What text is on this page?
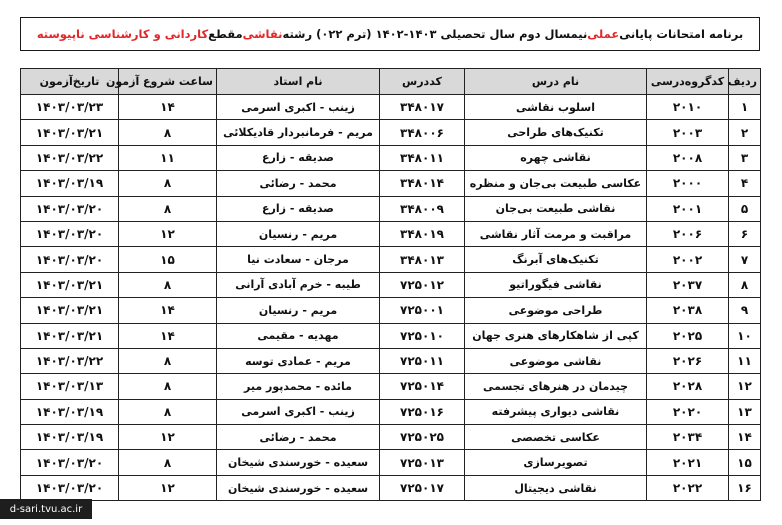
برنامه امتحانات پایانی
عملی
نیمسال دوم سال تحصیلی ۱۴۰۳-۱۴۰۲ (ترم ۰۲۲) رشته
نقاشی
مقطع
کاردانی و کارشناسی ناپیوسته
ردیف	کدگروه‌درسی	نام درس	کددرس	نام استاد	ساعت شروع آزمون	تاریخ‌آزمون
۱	۲۰۱۰	اسلوب نقاشی	۳۴۸۰۱۷	زینب - اکبری اسرمی	۱۴	۱۴۰۳/۰۳/۲۳
۲	۲۰۰۳	تکنیک‌های طراحی	۳۴۸۰۰۶	مریم - فرمانبردار قادیکلائی	۸	۱۴۰۳/۰۳/۲۱
۳	۲۰۰۸	نقاشی چهره	۳۴۸۰۱۱	صدیقه - زارع	۱۱	۱۴۰۳/۰۳/۲۲
۴	۲۰۰۰	عکاسی طبیعت بی‌جان و منظره	۳۴۸۰۱۴	محمد - رضائی	۸	۱۴۰۳/۰۳/۱۹
۵	۲۰۰۱	نقاشی طبیعت بی‌جان	۳۴۸۰۰۹	صدیقه - زارع	۸	۱۴۰۳/۰۳/۲۰
۶	۲۰۰۶	مراقبت و مرمت آثار نقاشی	۳۴۸۰۱۹	مریم - رنسیان	۱۲	۱۴۰۳/۰۳/۲۰
۷	۲۰۰۲	تکنیک‌های آبرنگ	۳۴۸۰۱۳	مرجان - سعادت نیا	۱۵	۱۴۰۳/۰۳/۲۰
۸	۲۰۳۷	نقاشی فیگوراتیو	۷۲۵۰۱۲	طیبه - خرم آبادی آرانی	۸	۱۴۰۳/۰۳/۲۱
۹	۲۰۳۸	طراحی موضوعی	۷۲۵۰۰۱	مریم - رنسیان	۱۴	۱۴۰۳/۰۳/۲۱
۱۰	۲۰۲۵	کپی از شاهکارهای هنری جهان	۷۲۵۰۱۰	مهدیه - مقیمی	۱۴	۱۴۰۳/۰۳/۲۱
۱۱	۲۰۲۶	نقاشی موضوعی	۷۲۵۰۱۱	مریم - عمادی توسه	۸	۱۴۰۳/۰۳/۲۲
۱۲	۲۰۲۸	چیدمان در هنرهای تجسمی	۷۲۵۰۱۴	مائده - محمدپور میر	۸	۱۴۰۳/۰۳/۱۳
۱۳	۲۰۲۰	نقاشی دیواری پیشرفته	۷۲۵۰۱۶	زینب - اکبری اسرمی	۸	۱۴۰۳/۰۳/۱۹
۱۴	۲۰۳۴	عکاسی تخصصی	۷۲۵۰۲۵	محمد - رضائی	۱۲	۱۴۰۳/۰۳/۱۹
۱۵	۲۰۲۱	تصویرسازی	۷۲۵۰۱۳	سعیده - خورسندی شیخان	۸	۱۴۰۳/۰۳/۲۰
۱۶	۲۰۲۲	نقاشی دیجیتال	۷۲۵۰۱۷	سعیده - خورسندی شیخان	۱۲	۱۴۰۳/۰۳/۲۰
d-sari.tvu.ac.ir
